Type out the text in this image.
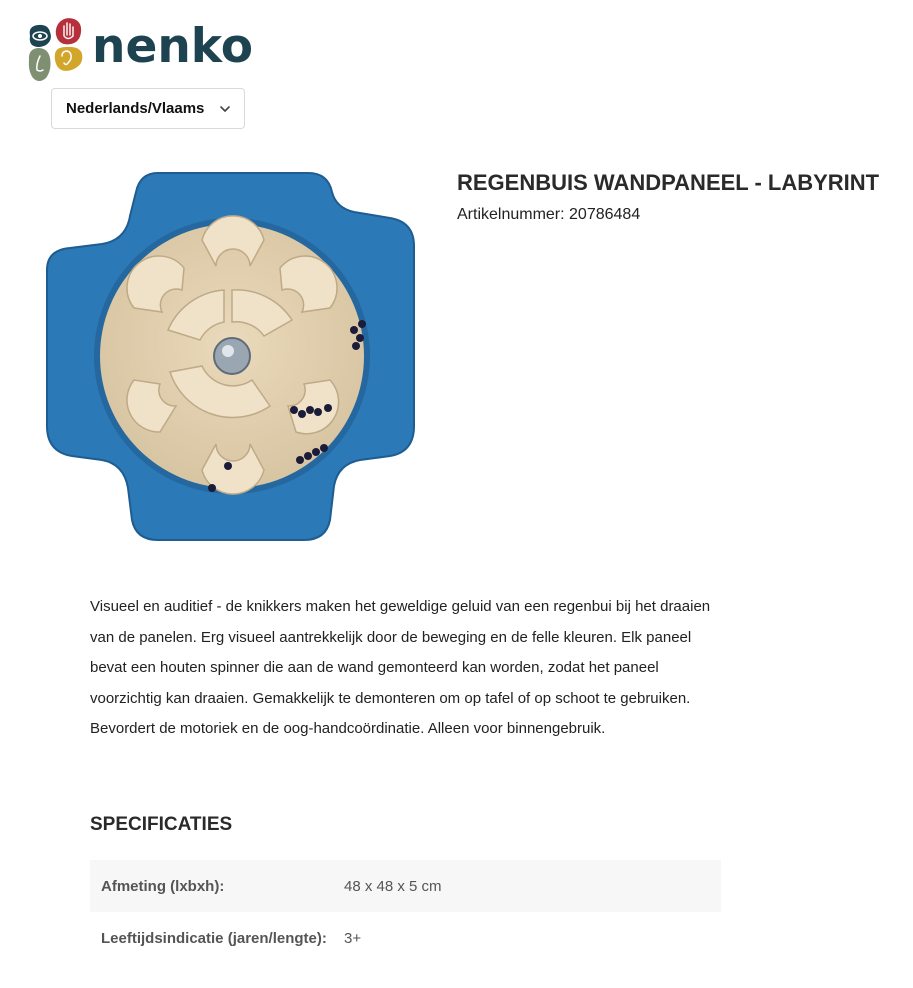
nenko
Nederlands/Vlaams
REGENBUIS WANDPANEEL - LABYRINT
Artikelnummer: 20786484

Visueel en auditief - de knikkers maken het geweldige geluid van een regenbui bij het draaien van de panelen. Erg visueel aantrekkelijk door de beweging en de felle kleuren. Elk paneel bevat een houten spinner die aan de wand gemonteerd kan worden, zodat het paneel voorzichtig kan draaien. Gemakkelijk te demonteren om op tafel of op schoot te gebruiken. Bevordert de motoriek en de oog-handcoördinatie. Alleen voor binnengebruik.

SPECIFICATIES
Afmeting (lxbxh):	48 x 48 x 5 cm
Leeftijdsindicatie (jaren/lengte):	3+
